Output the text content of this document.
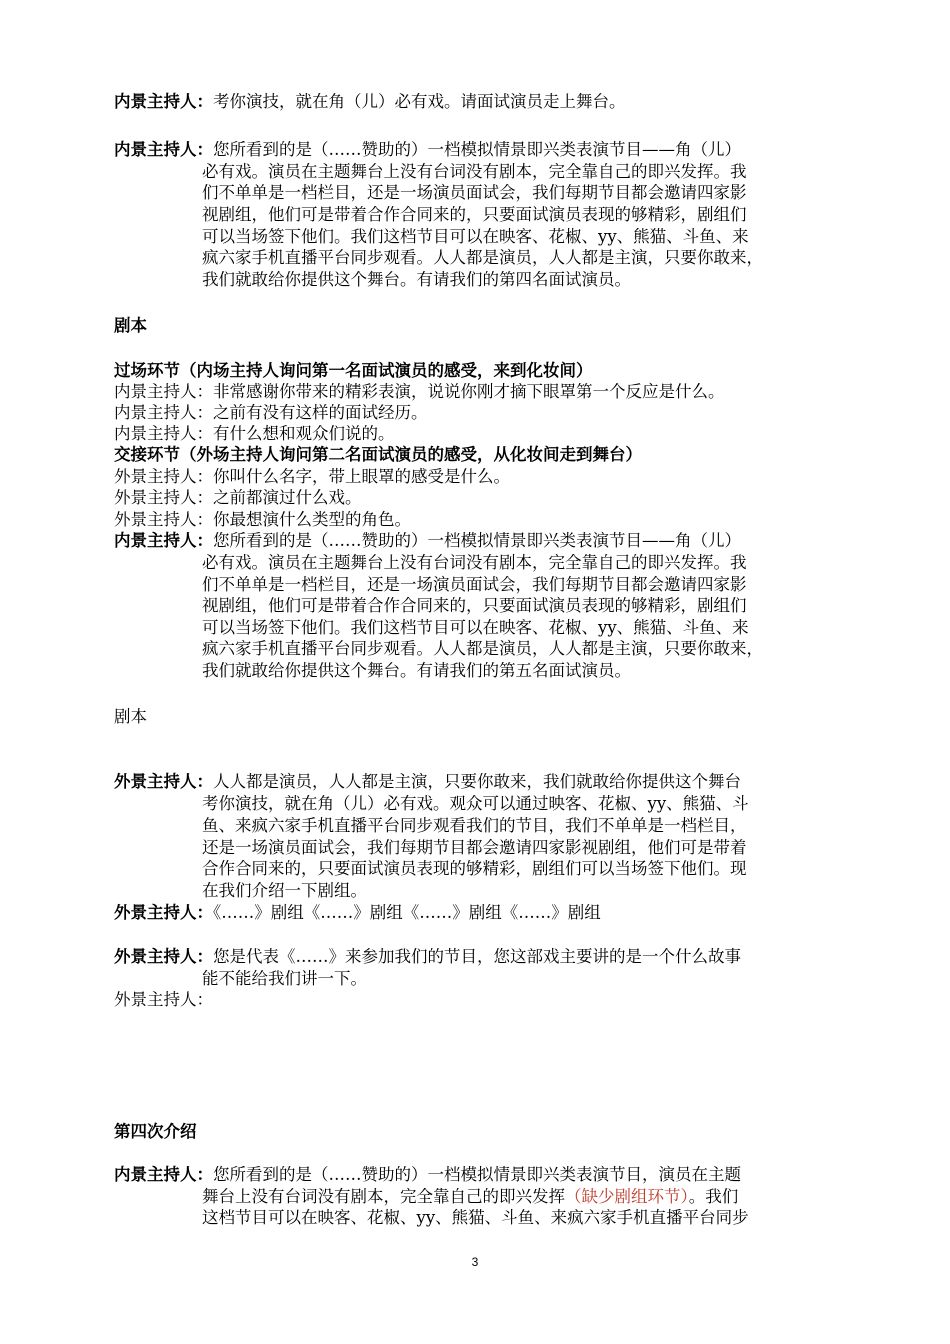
内景主持人：考你演技，就在角（儿）必有戏。请面试演员走上舞台。
内景主持人：您所看到的是（……赞助的）一档模拟情景即兴类表演节目——角（儿）
必有戏。演员在主题舞台上没有台词没有剧本，完全靠自己的即兴发挥。我
们不单单是一档栏目，还是一场演员面试会，我们每期节目都会邀请四家影
视剧组，他们可是带着合作合同来的，只要面试演员表现的够精彩，剧组们
可以当场签下他们。我们这档节目可以在映客、花椒、yy、熊猫、斗鱼、来
疯六家手机直播平台同步观看。人人都是演员，人人都是主演，只要你敢来，
我们就敢给你提供这个舞台。有请我们的第四名面试演员。
剧本
过场环节（内场主持人询问第一名面试演员的感受，来到化妆间）
内景主持人：非常感谢你带来的精彩表演，说说你刚才摘下眼罩第一个反应是什么。
内景主持人：之前有没有这样的面试经历。
内景主持人：有什么想和观众们说的。
交接环节（外场主持人询问第二名面试演员的感受，从化妆间走到舞台）
外景主持人：你叫什么名字，带上眼罩的感受是什么。
外景主持人：之前都演过什么戏。
外景主持人：你最想演什么类型的角色。
内景主持人：您所看到的是（……赞助的）一档模拟情景即兴类表演节目——角（儿）
必有戏。演员在主题舞台上没有台词没有剧本，完全靠自己的即兴发挥。我
们不单单是一档栏目，还是一场演员面试会，我们每期节目都会邀请四家影
视剧组，他们可是带着合作合同来的，只要面试演员表现的够精彩，剧组们
可以当场签下他们。我们这档节目可以在映客、花椒、yy、熊猫、斗鱼、来
疯六家手机直播平台同步观看。人人都是演员，人人都是主演，只要你敢来，
我们就敢给你提供这个舞台。有请我们的第五名面试演员。
剧本
外景主持人：人人都是演员，人人都是主演，只要你敢来，我们就敢给你提供这个舞台
考你演技，就在角（儿）必有戏。观众可以通过映客、花椒、yy、熊猫、斗
鱼、来疯六家手机直播平台同步观看我们的节目，我们不单单是一档栏目，
还是一场演员面试会，我们每期节目都会邀请四家影视剧组，他们可是带着
合作合同来的，只要面试演员表现的够精彩，剧组们可以当场签下他们。现
在我们介绍一下剧组。
外景主持人：《……》剧组《……》剧组《……》剧组《……》剧组
外景主持人：您是代表《……》来参加我们的节目，您这部戏主要讲的是一个什么故事
能不能给我们讲一下。
外景主持人：
第四次介绍
内景主持人：您所看到的是（……赞助的）一档模拟情景即兴类表演节目，演员在主题
舞台上没有台词没有剧本，完全靠自己的即兴发挥（缺少剧组环节）。我们
这档节目可以在映客、花椒、yy、熊猫、斗鱼、来疯六家手机直播平台同步
3
